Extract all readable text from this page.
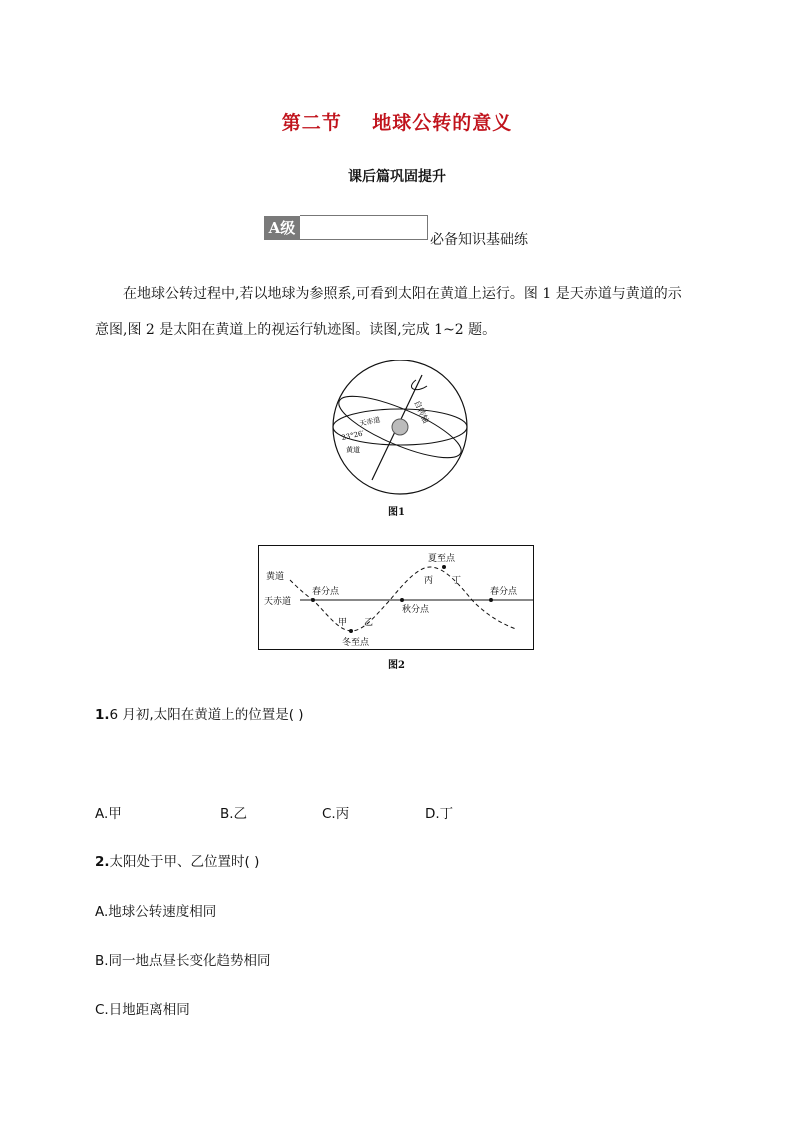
第二节    地球公转的意义
课后篇巩固提升
A级
必备知识基础练
在地球公转过程中,若以地球为参照系,可看到太阳在黄道上运行。图 1 是天赤道与黄道的示意图,图 2 是太阳在黄道上的视运行轨迹图。读图,完成 1~2 题。
自转轴
天赤道
23°26′
黄道
图1
黄道
天赤道
春分点
冬至点
秋分点
夏至点
春分点
甲 乙
丙 丁
图2
1.6 月初,太阳在黄道上的位置是( )
A.甲	B.乙	C.丙	D.丁
2.太阳处于甲、乙位置时( )
A.地球公转速度相同
B.同一地点昼长变化趋势相同
C.日地距离相同
